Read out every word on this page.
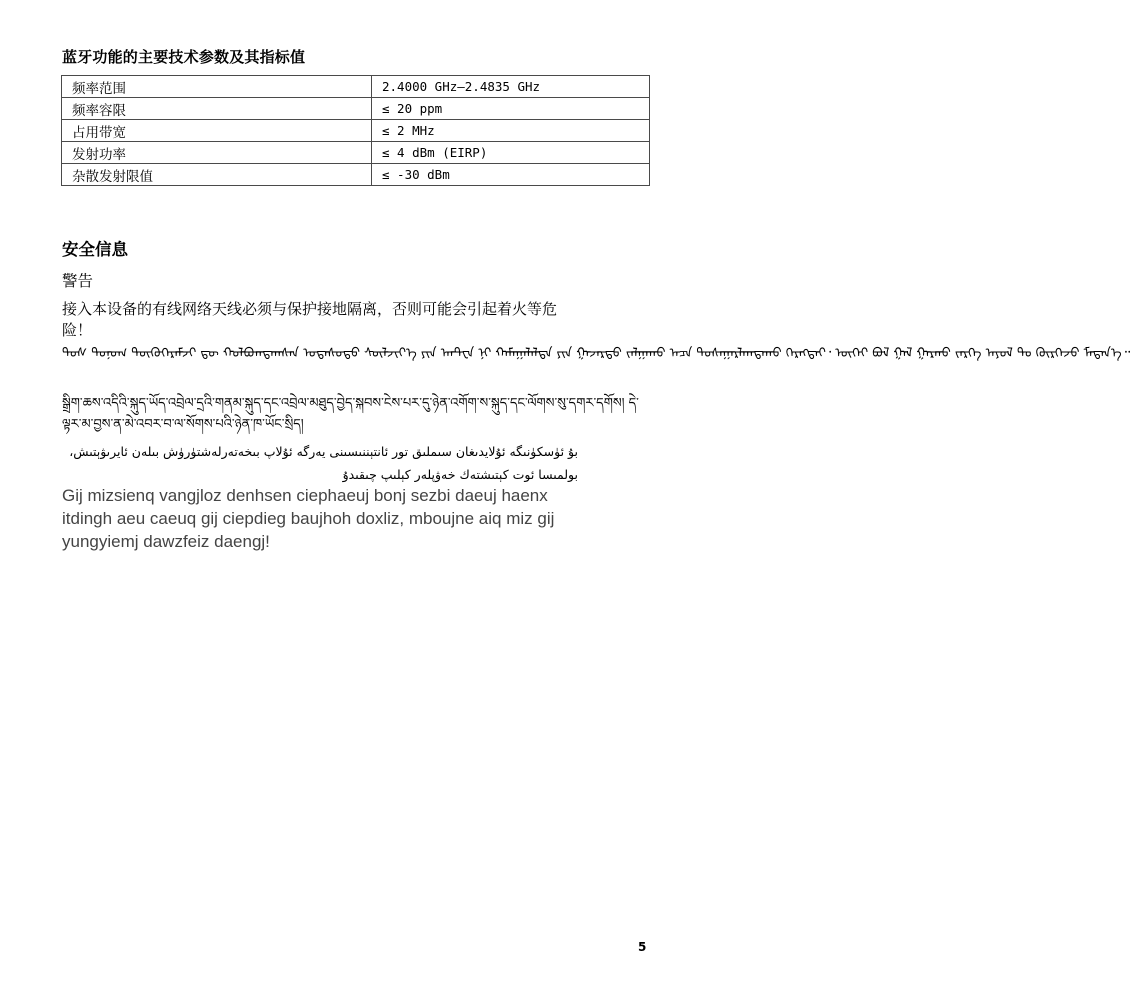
蓝牙功能的主要技术参数及其指标值
频率范围	2.4000 GHz–2.4835 GHz
频率容限	≤ 20 ppm
占用带宽	≤ 2 MHz
发射功率	≤ 4 dBm (EIRP)
杂散发射限值	≤ -30 dBm
安全信息
警告
接入本设备的有线网络天线必须与保护接地隔离，否则可能会引起着火等危险！
ᠲᠤᠰ ᠲᠣᠨᠣᠭ ᠲᠥᠬᠦᠭᠡᠷᠡᠮᠵᠢ ᠳᠦ ᠬᠣᠯᠪᠣᠭᠳᠠᠭᠰᠠᠨ ᠤᠲᠠᠰᠤᠲᠤ ᠰᠦᠯᠵᠢᠶ᠎ᠡ ᠶᠢᠨ ᠠᠨᠲ᠋ᠸᠨ ᠨᠢ ᠬᠠᠮᠠᠭᠠᠯᠠᠯᠲᠠ ᠶᠢᠨ ᠭᠠᠵᠠᠷᠲᠤ ᠵᠠᠯᠭᠠᠬᠤ ᠠᠴᠠ ᠲᠤᠰᠠᠭᠠᠷᠯᠠᠭᠳᠠᠬᠤ ᠬᠡᠷᠡᠭᠲᠡᠢ᠂ ᠦᠭᠡᠢ ᠪᠣᠯ ᠭᠠᠯ ᠭᠠᠷᠬᠤ ᠵᠡᠷᠭᠡ ᠠᠶᠤᠯ ᠲᠤ ᠬᠦᠷᠭᠡᠵᠦ ᠮᠡᠳᠡᠨ᠎ᠡ᠃
སྒྲིག་ཆས་འདིའི་སྐུད་ཡོད་འབྲེལ་དྲའི་གནམ་སྐུད་དང་འབྲེལ་མཐུད་བྱེད་སྐབས་ངེས་པར་དུ་ཉེན་འགོག་ས་སྐུད་དང་ལོགས་སུ་དགར་དགོས། དེ་ལྟར་མ་བྱས་ན་མེ་འབར་བ་ལ་སོགས་པའི་ཉེན་ཁ་ཡོང་སྲིད།
بۇ ئۈسكۈنىگە ئۇلايدىغان سىملىق تور ئانتېننىسىنى يەرگە ئۇلاپ بىخەتەرلەشتۈرۈش بىلەن ئايرىۋېتىش، بولمىسا ئوت كېتىشتەك خەۋپلەر كېلىپ چىقىدۇ
Gij mizsienq vangjloz denhsen ciephaeuj bonj sezbi daeuj haenx itdingh aeu caeuq gij ciepdieg baujhoh doxliz, mboujne aiq miz gij yungyiemj dawzfeiz daengj!
5
